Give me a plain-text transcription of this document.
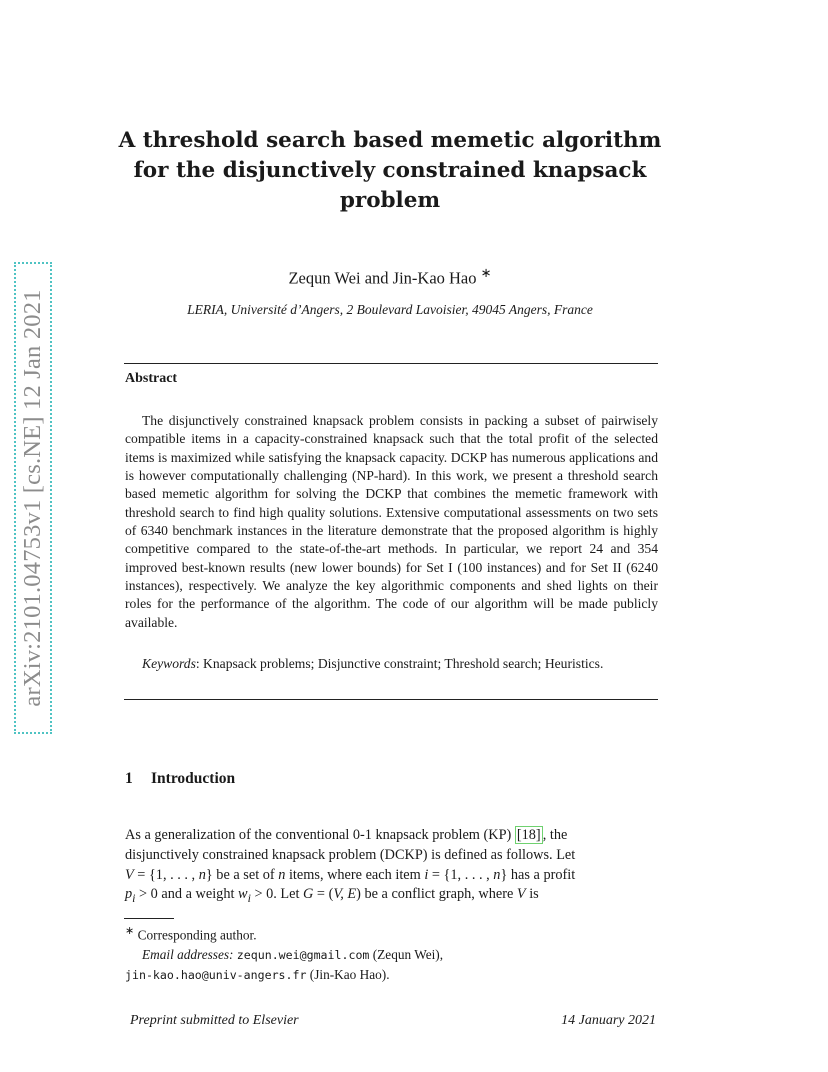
arXiv:2101.04753v1 [cs.NE] 12 Jan 2021
A threshold search based memetic algorithm
for the disjunctively constrained knapsack
problem
Zequn Wei and Jin-Kao Hao ∗
LERIA, Université d’Angers, 2 Boulevard Lavoisier, 49045 Angers, France
Abstract

The disjunctively constrained knapsack problem consists in packing a subset of pairwisely compatible items in a capacity-constrained knapsack such that the total profit of the selected items is maximized while satisfying the knapsack capacity. DCKP has numerous applications and is however computationally challenging (NP-hard). In this work, we present a threshold search based memetic algorithm for solving the DCKP that combines the memetic framework with threshold search to find high quality solutions. Extensive computational assessments on two sets of 6340 benchmark instances in the literature demonstrate that the proposed algorithm is highly competitive compared to the state-of-the-art methods. In particular, we report 24 and 354 improved best-known results (new lower bounds) for Set I (100 instances) and for Set II (6240 instances), respectively. We analyze the key algorithmic components and shed lights on their roles for the performance of the algorithm. The code of our algorithm will be made publicly available.

Keywords: Knapsack problems; Disjunctive constraint; Threshold search; Heuristics.

1 Introduction
As a generalization of the conventional 0-1 knapsack problem (KP) [18] , the
disjunctively constrained knapsack problem (DCKP) is defined as follows. Let
V = {1, . . . , n} be a set of n items, where each item i = {1, . . . , n} has a profit
$p_i > 0$ and a weight $w_i > 0$. Let G = (V, E) be a conflict graph, where V is
∗ Corresponding author.
Email addresses: zequn.wei@gmail.com (Zequn Wei),
jin-kao.hao@univ-angers.fr (Jin-Kao Hao).
Preprint submitted to Elsevier	14 January 2021
